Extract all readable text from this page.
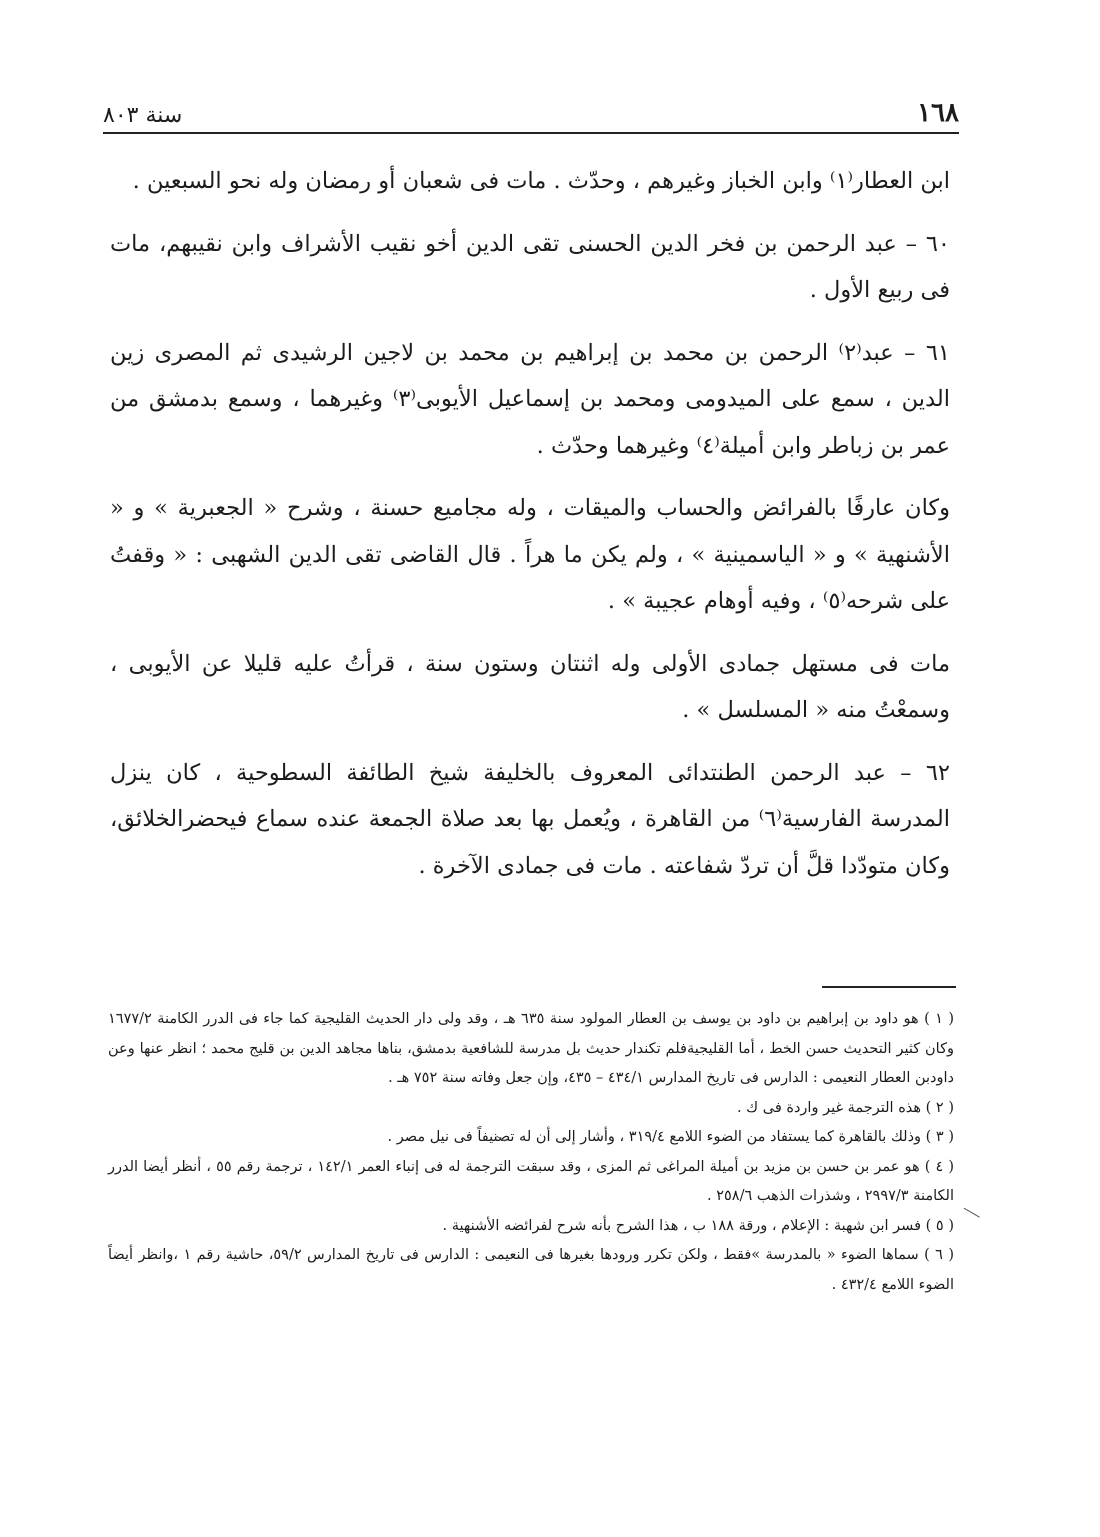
١٦٨
سنة ٨٠٣

ابن العطار⁽١⁾ وابن الخباز وغيرهم ، وحدّث . مات فى شعبان أو رمضان وله نحو السبعين .

٦٠ – عبد الرحمن بن فخر الدين الحسنى تقى الدين أخو نقيب الأشراف وابن نقيبهم، مات فى ربيع الأول .

٦١ – عبد⁽٢⁾ الرحمن بن محمد بن إبراهيم بن محمد بن لاجين الرشيدى ثم المصرى زين الدين ، سمع على الميدومى ومحمد بن إسماعيل الأيوبى⁽٣⁾ وغيرهما ، وسمع بدمشق من عمر بن زباطر وابن أميلة⁽٤⁾ وغيرهما وحدّث .

وكان عارفًا بالفرائض والحساب والميقات ، وله مجاميع حسنة ، وشرح « الجعبرية » و « الأشنهية » و « الياسمينية » ، ولم يكن ما هراً . قال القاضى تقى الدين الشهبى : « وقفتُ على شرحه⁽٥⁾ ، وفيه أوهام عجيبة » .

مات فى مستهل جمادى الأولى وله اثنتان وستون سنة ، قرأتُ عليه قليلا عن الأيوبى ، وسمعْتُ منه « المسلسل » .

٦٢ – عبد الرحمن الطنتدائى المعروف بالخليفة شيخ الطائفة السطوحية ، كان ينزل المدرسة الفارسية⁽٦⁾ من القاهرة ، ويُعمل بها بعد صلاة الجمعة عنده سماع فيحضرالخلائق، وكان متودّدا قلَّ أن تردّ شفاعته . مات فى جمادى الآخرة .

( ١ ) هو داود بن إبراهيم بن داود بن يوسف بن العطار المولود سنة ٦٣٥ هـ ، وقد ولى دار الحديث القليجية كما جاء فى الدرر الكامنة ١٦٧٧/٢ وكان كثير التحديث حسن الخط ، أما القليجيةفلم تكندار حديث بل مدرسة للشافعية بدمشق، بناها مجاهد الدين بن قليج محمد ؛ انظر عنها وعن داودبن العطار النعيمى : الدارس فى تاريخ المدارس ٤٣٤/١ – ٤٣٥، وإن جعل وفاته سنة ٧٥٢ هـ .

( ٢ ) هذه الترجمة غير واردة فى ك .

( ٣ ) وذلك بالقاهرة كما يستفاد من الضوء اللامع ٣١٩/٤ ، وأشار إلى أن له تصنيفاً فى نيل مصر .

( ٤ ) هو عمر بن حسن بن مزيد بن أميلة المراغى ثم المزى ، وقد سبقت الترجمة له فى إنباء العمر ١٤٢/١ ، ترجمة رقم ٥٥ ، أنظر أيضا الدرر الكامنة ٢٩٩٧/٣ ، وشذرات الذهب ٢٥٨/٦ .

( ٥ ) فسر ابن شهبة : الإعلام ، ورقة ١٨٨ ب ، هذا الشرح بأنه شرح لفرائضه الأشنهية .

( ٦ ) سماها الضوء « بالمدرسة »فقط ، ولكن تكرر ورودها بغيرها فى النعيمى : الدارس فى تاريخ المدارس ٥٩/٢، حاشية رقم ١ ،وانظر أيضاً الضوء اللامع ٤٣٢/٤ .
